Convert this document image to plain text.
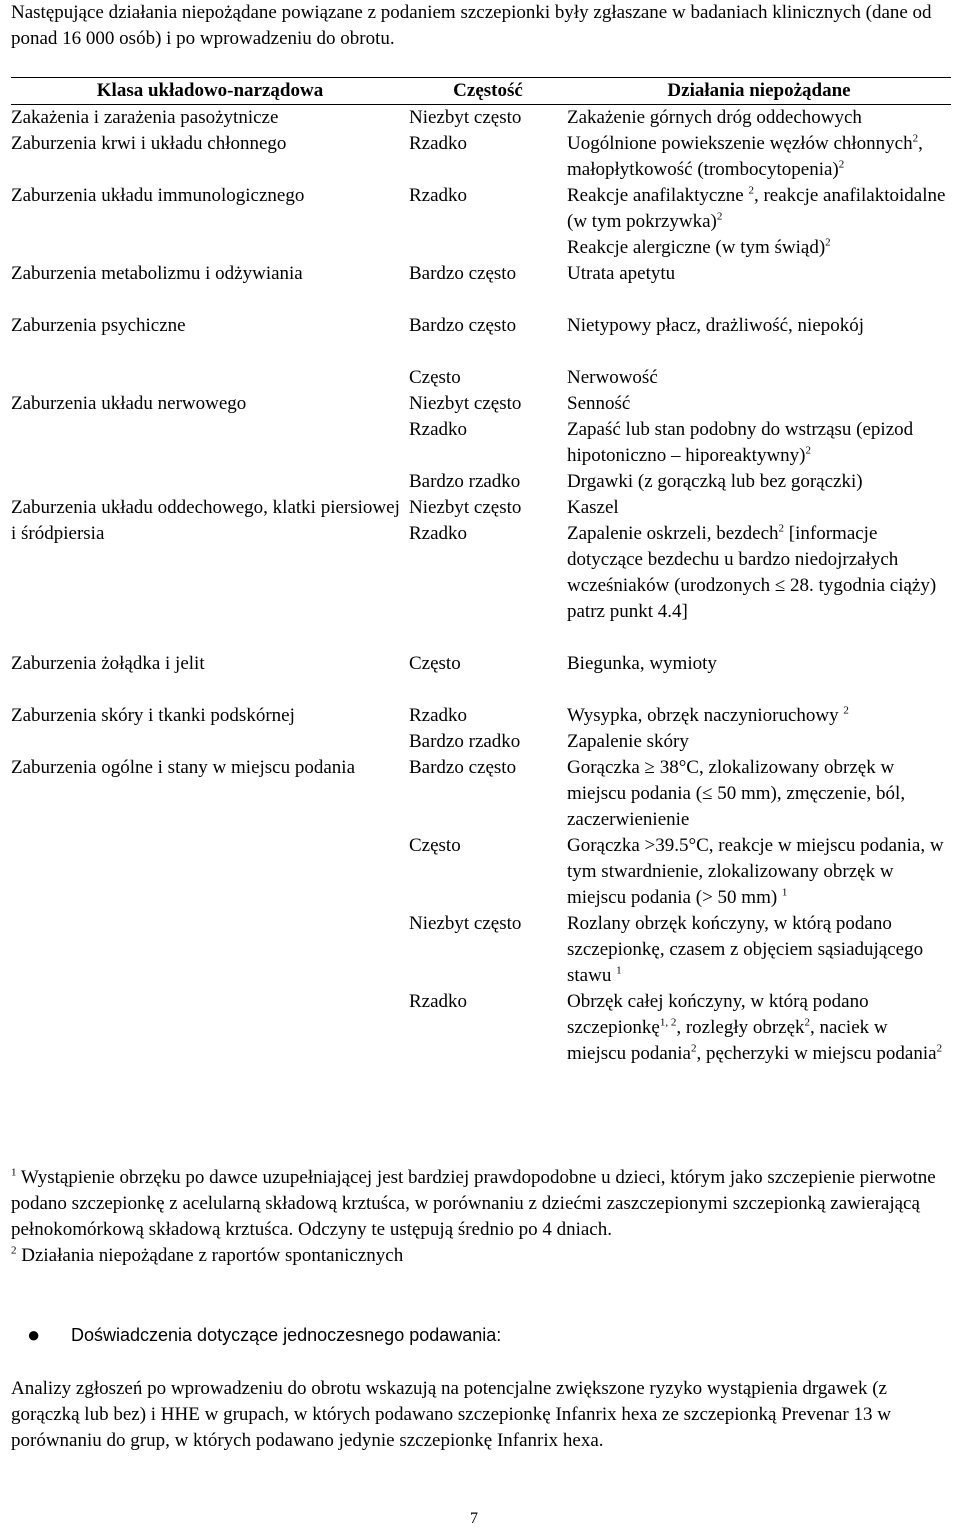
Następujące działania niepożądane powiązane z podaniem szczepionki były zgłaszane w badaniach klinicznych (dane od ponad 16 000 osób) i po wprowadzeniu do obrotu.

Klasa układowo-narządowa	Częstość	Działania niepożądane
Zakażenia i zarażenia pasożytnicze	Niezbyt często	Zakażenie górnych dróg oddechowych
Zaburzenia krwi i układu chłonnego	Rzadko	Uogólnione powiekszenie węzłów chłonnych$^2$, małopłytkowość (trombocytopenia)$^2$
Zaburzenia układu immunologicznego	Rzadko	Reakcje anafilaktyczne $^2$, reakcje anafilaktoidalne (w tym pokrzywka)$^2$
Reakcje alergiczne (w tym świąd)$^2$
Zaburzenia metabolizmu i odżywiania	Bardzo często	Utrata apetytu

Zaburzenia psychiczne	Bardzo często	Nietypowy płacz, drażliwość, niepokój

	Często	Nerwowość
Zaburzenia układu nerwowego	Niezbyt często	Senność
	Rzadko	Zapaść lub stan podobny do wstrząsu (epizod hipotoniczno – hiporeaktywny)$^2$
	Bardzo rzadko	Drgawki (z gorączką lub bez gorączki)
Zaburzenia układu oddechowego, klatki piersiowej i śródpiersia	Niezbyt często	Kaszel
	Rzadko	Zapalenie oskrzeli, bezdech$^2$ [informacje dotyczące bezdechu u bardzo niedojrzałych wcześniaków (urodzonych ≤ 28. tygodnia ciąży) patrz punkt 4.4]

Zaburzenia żołądka i jelit	Często	Biegunka, wymioty

Zaburzenia skóry i tkanki podskórnej	Rzadko	Wysypka, obrzęk naczynioruchowy $^2$
	Bardzo rzadko	Zapalenie skóry
Zaburzenia ogólne i stany w miejscu podania	Bardzo często	Gorączka ≥ 38°C, zlokalizowany obrzęk w miejscu podania (≤ 50 mm), zmęczenie, ból, zaczerwienienie
	Często	Gorączka >39.5°C, reakcje w miejscu podania, w tym stwardnienie, zlokalizowany obrzęk w miejscu podania (> 50 mm) $^1$
	Niezbyt często	Rozlany obrzęk kończyny, w którą podano szczepionkę, czasem z objęciem sąsiadującego stawu $^1$
	Rzadko	Obrzęk całej kończyny, w którą podano szczepionkę$^{1, 2}$, rozległy obrzęk$^2$, naciek w miejscu podania$^2$, pęcherzyki w miejscu podania$^2$

$^1$ Wystąpienie obrzęku po dawce uzupełniającej jest bardziej prawdopodobne u dzieci, którym jako szczepienie pierwotne podano szczepionkę z acelularną składową krztuśca, w porównaniu z dziećmi zaszczepionymi szczepionką zawierającą pełnokomórkową składową krztuśca. Odczyny te ustępują średnio po 4 dniach.

$^2$ Działania niepożądane z raportów spontanicznych

● Doświadczenia dotyczące jednoczesnego podawania:

Analizy zgłoszeń po wprowadzeniu do obrotu wskazują na potencjalne zwiększone ryzyko wystąpienia drgawek (z gorączką lub bez) i HHE w grupach, w których podawano szczepionkę Infanrix hexa ze szczepionką Prevenar 13 w porównaniu do grup, w których podawano jedynie szczepionkę Infanrix hexa.

7
